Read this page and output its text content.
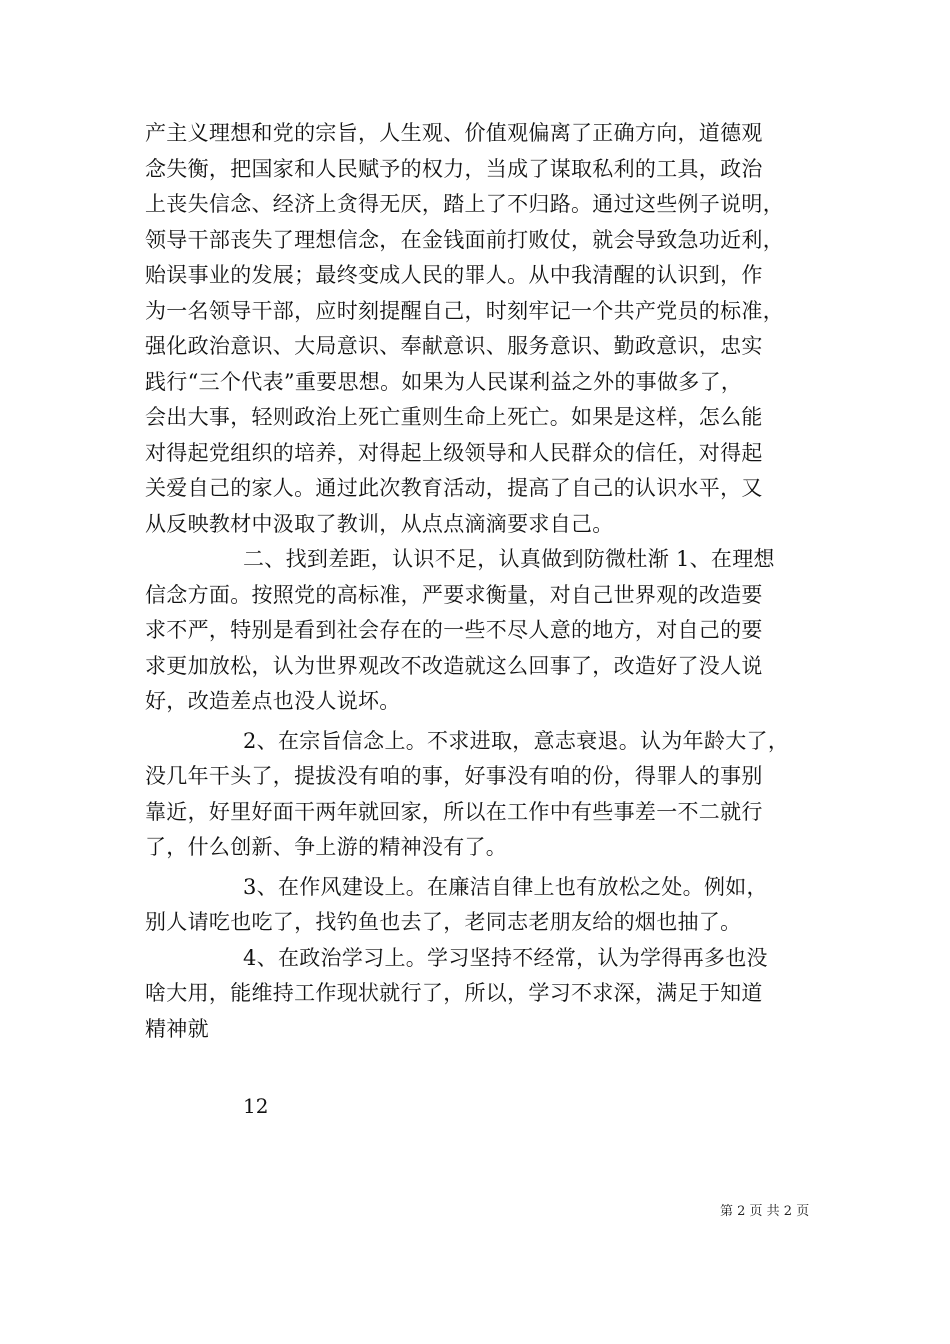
产主义理想和党的宗旨，人生观、价值观偏离了正确方向，道德观
念失衡，把国家和人民赋予的权力，当成了谋取私利的工具，政治
上丧失信念、经济上贪得无厌，踏上了不归路。通过这些例子说明，
领导干部丧失了理想信念，在金钱面前打败仗，就会导致急功近利，
贻误事业的发展；最终变成人民的罪人。从中我清醒的认识到，作
为一名领导干部，应时刻提醒自己，时刻牢记一个共产党员的标准，
强化政治意识、大局意识、奉献意识、服务意识、勤政意识，忠实
践行“三个代表”重要思想。如果为人民谋利益之外的事做多了，
会出大事，轻则政治上死亡重则生命上死亡。如果是这样，怎么能
对得起党组织的培养，对得起上级领导和人民群众的信任，对得起
关爱自己的家人。通过此次教育活动，提高了自己的认识水平，又
从反映教材中汲取了教训，从点点滴滴要求自己。
二、找到差距，认识不足，认真做到防微杜渐 1、在理想
信念方面。按照党的高标准，严要求衡量，对自己世界观的改造要
求不严，特别是看到社会存在的一些不尽人意的地方，对自己的要
求更加放松，认为世界观改不改造就这么回事了，改造好了没人说
好，改造差点也没人说坏。
2、在宗旨信念上。不求进取，意志衰退。认为年龄大了，
没几年干头了，提拔没有咱的事，好事没有咱的份，得罪人的事别
靠近，好里好面干两年就回家，所以在工作中有些事差一不二就行
了，什么创新、争上游的精神没有了。
3、在作风建设上。在廉洁自律上也有放松之处。例如，
别人请吃也吃了，找钓鱼也去了，老同志老朋友给的烟也抽了。
4、在政治学习上。学习坚持不经常，认为学得再多也没
啥大用，能维持工作现状就行了，所以，学习不求深，满足于知道
精神就
12
第 2 页 共 2 页
